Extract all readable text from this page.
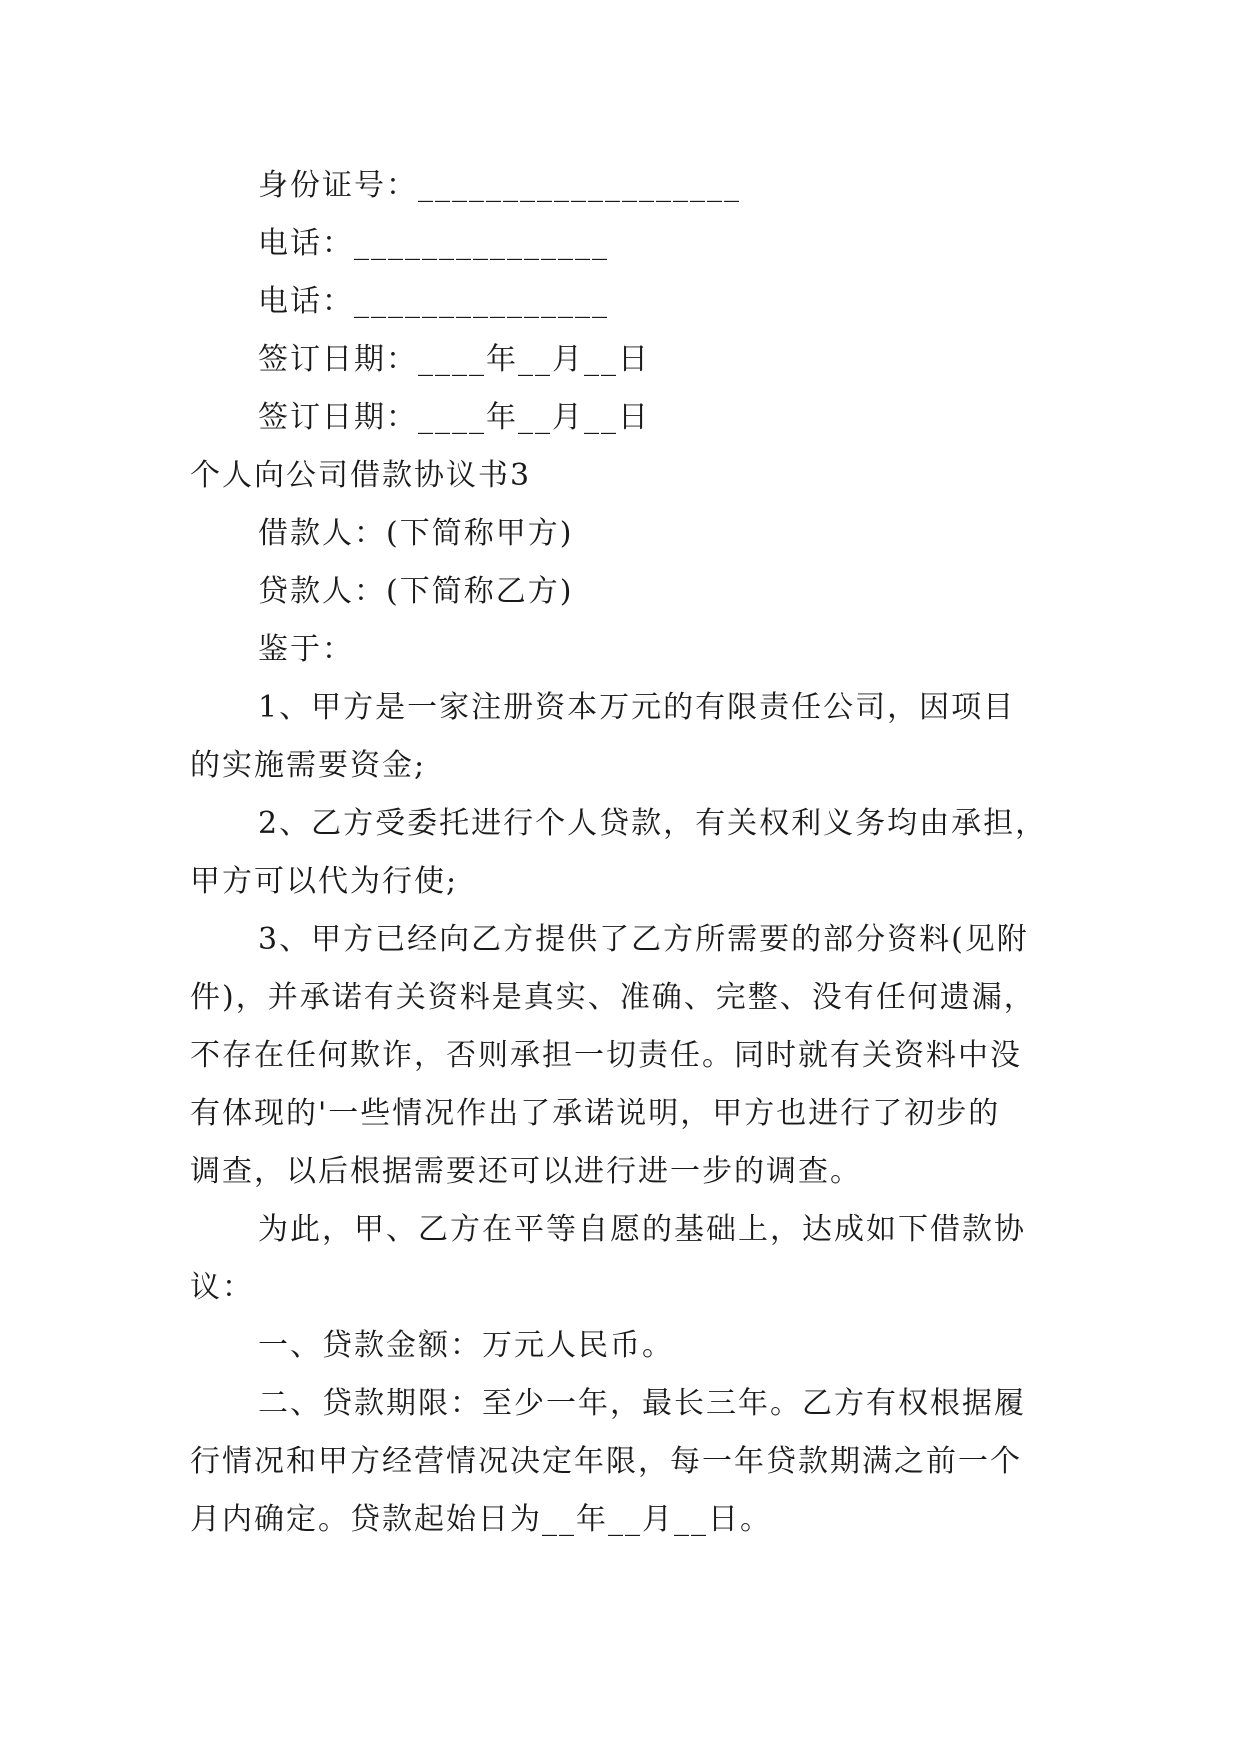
身份证号：___________________
电话：_______________
电话：_______________
签订日期：____年__月__日
签订日期：____年__月__日
个人向公司借款协议书3
借款人：(下简称甲方)
贷款人：(下简称乙方)
鉴于：
1、甲方是一家注册资本万元的有限责任公司，因项目
的实施需要资金;
2、乙方受委托进行个人贷款，有关权利义务均由承担，
甲方可以代为行使;
3、甲方已经向乙方提供了乙方所需要的部分资料(见附
件)，并承诺有关资料是真实、准确、完整、没有任何遗漏，
不存在任何欺诈，否则承担一切责任。同时就有关资料中没
有体现的'一些情况作出了承诺说明，甲方也进行了初步的
调查，以后根据需要还可以进行进一步的调查。
为此，甲、乙方在平等自愿的基础上，达成如下借款协
议：
一、贷款金额：万元人民币。
二、贷款期限：至少一年，最长三年。乙方有权根据履
行情况和甲方经营情况决定年限，每一年贷款期满之前一个
月内确定。贷款起始日为__年__月__日。
